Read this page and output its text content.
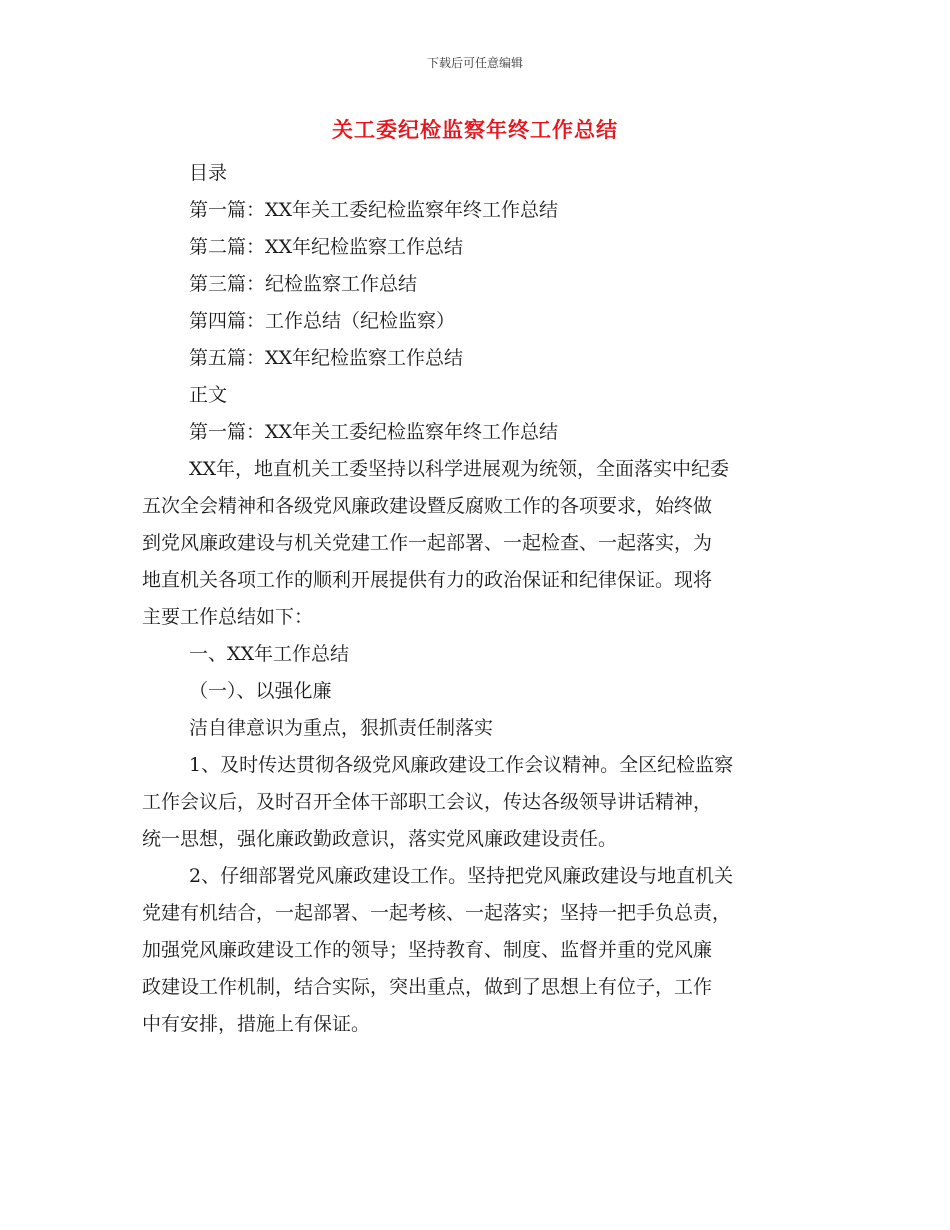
下载后可任意编辑
关工委纪检监察年终工作总结

目录

第一篇：XX年关工委纪检监察年终工作总结

第二篇：XX年纪检监察工作总结

第三篇：纪检监察工作总结

第四篇：工作总结（纪检监察）

第五篇：XX年纪检监察工作总结

正文

第一篇：XX年关工委纪检监察年终工作总结

XX年，地直机关工委坚持以科学进展观为统领，全面落实中纪委

五次全会精神和各级党风廉政建设暨反腐败工作的各项要求，始终做

到党风廉政建设与机关党建工作一起部署、一起检查、一起落实，为

地直机关各项工作的顺利开展提供有力的政治保证和纪律保证。现将

主要工作总结如下：

一、XX年工作总结

（一）、以强化廉

洁自律意识为重点，狠抓责任制落实

1、及时传达贯彻各级党风廉政建设工作会议精神。全区纪检监察

工作会议后，及时召开全体干部职工会议，传达各级领导讲话精神，

统一思想，强化廉政勤政意识，落实党风廉政建设责任。

2、仔细部署党风廉政建设工作。坚持把党风廉政建设与地直机关

党建有机结合，一起部署、一起考核、一起落实；坚持一把手负总责，

加强党风廉政建设工作的领导；坚持教育、制度、监督并重的党风廉

政建设工作机制，结合实际，突出重点，做到了思想上有位子，工作

中有安排，措施上有保证。
